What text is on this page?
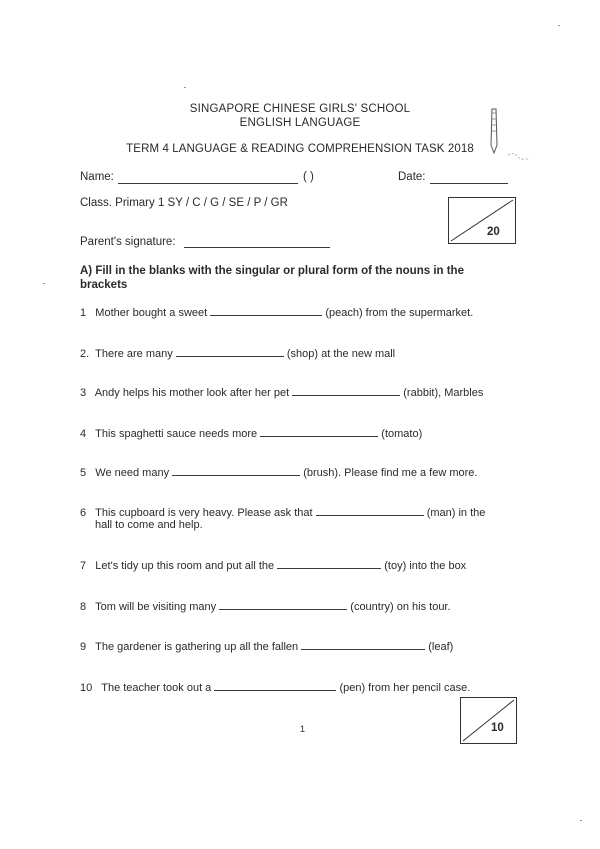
SINGAPORE CHINESE GIRLS' SCHOOL
ENGLISH LANGUAGE
TERM 4 LANGUAGE & READING COMPREHENSION TASK 2018
Name:	( )	Date:
Class. Primary 1 SY / C / G / SE / P / GR
20
Parent's signature:
A) Fill in the blanks with the singular or plural form of the nouns in the brackets
1 Mother bought a sweet	(peach) from the supermarket.
2. There are many	(shop) at the new mall
3 Andy helps his mother look after her pet	(rabbit), Marbles
4 This spaghetti sauce needs more	(tomato)
5 We need many	(brush). Please find me a few more.
6 This cupboard is very heavy. Please ask that	(man) in the
hall to come and help.
7 Let's tidy up this room and put all the	(toy) into the box
8 Tom will be visiting many	(country) on his tour.
9 The gardener is gathering up all the fallen	(leaf)
10 The teacher took out a	(pen) from her pencil case.
1	10
